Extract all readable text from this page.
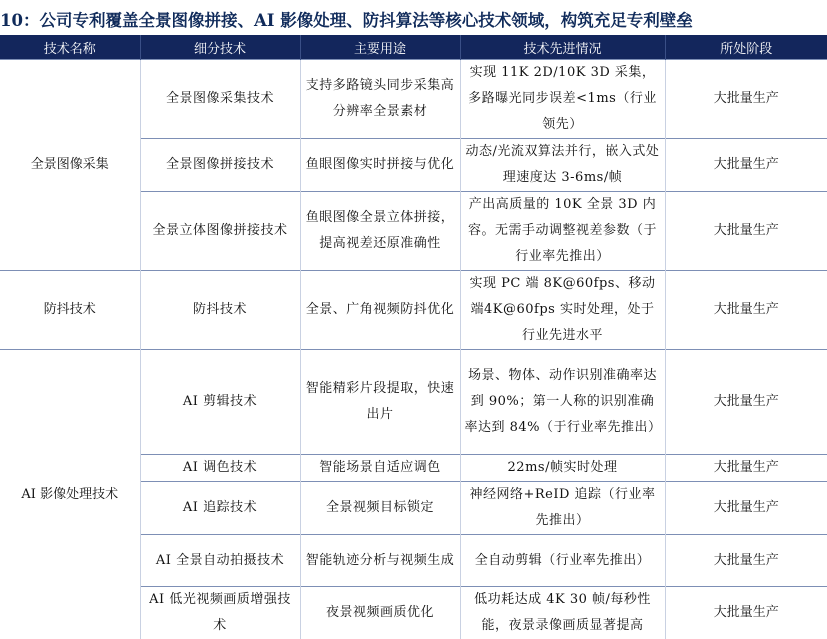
10：公司专利覆盖全景图像拼接、AI 影像处理、防抖算法等核心技术领域，构筑充足专利壁垒
技术名称	细分技术	主要用途	技术先进情况	所处阶段
全景图像采集	全景图像采集技术	支持多路镜头同步采集高分辨率全景素材	实现 11K 2D/10K 3D 采集，多路曝光同步误差<1ms（行业领先）	大批量生产
	全景图像拼接技术	鱼眼图像实时拼接与优化	动态/光流双算法并行，嵌入式处理速度达 3-6ms/帧	大批量生产
	全景立体图像拼接技术	鱼眼图像全景立体拼接，提高视差还原准确性	产出高质量的 10K 全景 3D 内容。无需手动调整视差参数（于行业率先推出）	大批量生产
防抖技术	防抖技术	全景、广角视频防抖优化	实现 PC 端 8K@60fps、移动端4K@60fps 实时处理，处于行业先进水平	大批量生产
AI 影像处理技术	AI 剪辑技术	智能精彩片段提取，快速出片	场景、物体、动作识别准确率达到 90%；第一人称的识别准确率达到 84%（于行业率先推出）	大批量生产
	AI 调色技术	智能场景自适应调色	22ms/帧实时处理	大批量生产
	AI 追踪技术	全景视频目标锁定	神经网络+ReID 追踪（行业率先推出）	大批量生产
	AI 全景自动拍摄技术	智能轨迹分析与视频生成	全自动剪辑（行业率先推出）	大批量生产
	AI 低光视频画质增强技术	夜景视频画质优化	低功耗达成 4K 30 帧/每秒性能，夜景录像画质显著提高	大批量生产
